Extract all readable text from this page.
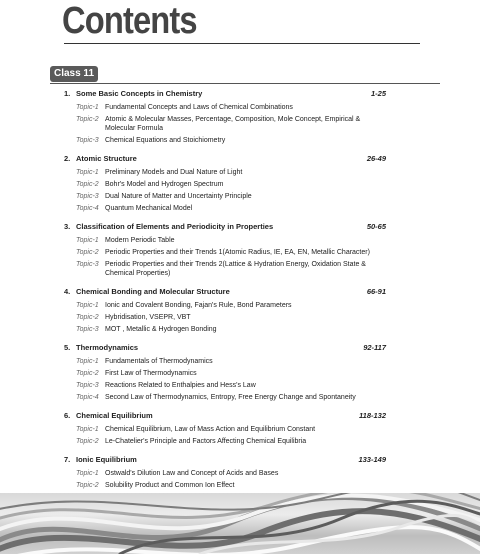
Contents
Class 11
1. Some Basic Concepts in Chemistry	1-25
Topic-1 Fundamental Concepts and Laws of Chemical Combinations
Topic-2 Atomic & Molecular Masses, Percentage, Composition, Mole Concept, Empirical & Molecular Formula
Topic-3 Chemical Equations and Stoichiometry
2. Atomic Structure	26-49
Topic-1 Preliminary Models and Dual Nature of Light
Topic-2 Bohr's Model and Hydrogen Spectrum
Topic-3 Dual Nature of Matter and Uncertainty Principle
Topic-4 Quantum Mechanical Model
3. Classification of Elements and Periodicity in Properties	50-65
Topic-1 Modern Periodic Table
Topic-2 Periodic Properties and their Trends 1(Atomic Radius, IE, EA, EN, Metallic Character)
Topic-3 Periodic Properties and their Trends 2(Lattice & Hydration Energy, Oxidation State & Chemical Properties)
4. Chemical Bonding and Molecular Structure	66-91
Topic-1 Ionic and Covalent Bonding, Fajan's Rule, Bond Parameters
Topic-2 Hybridisation, VSEPR, VBT
Topic-3 MOT , Metallic & Hydrogen Bonding
5. Thermodynamics	92-117
Topic-1 Fundamentals of Thermodynamics
Topic-2 First Law of Thermodynamics
Topic-3 Reactions Related to Enthalpies and Hess's Law
Topic-4 Second Law of Thermodynamics, Entropy, Free Energy Change and Spontaneity
6. Chemical Equilibrium	118-132
Topic-1 Chemical Equilibrium, Law of Mass Action and Equilibrium Constant
Topic-2 Le-Chatelier's Principle and Factors Affecting Chemical Equilibria
7. Ionic Equilibrium	133-149
Topic-1 Ostwald's Dilution Law and Concept of Acids and Bases
Topic-2 Solubility Product and Common Ion Effect
